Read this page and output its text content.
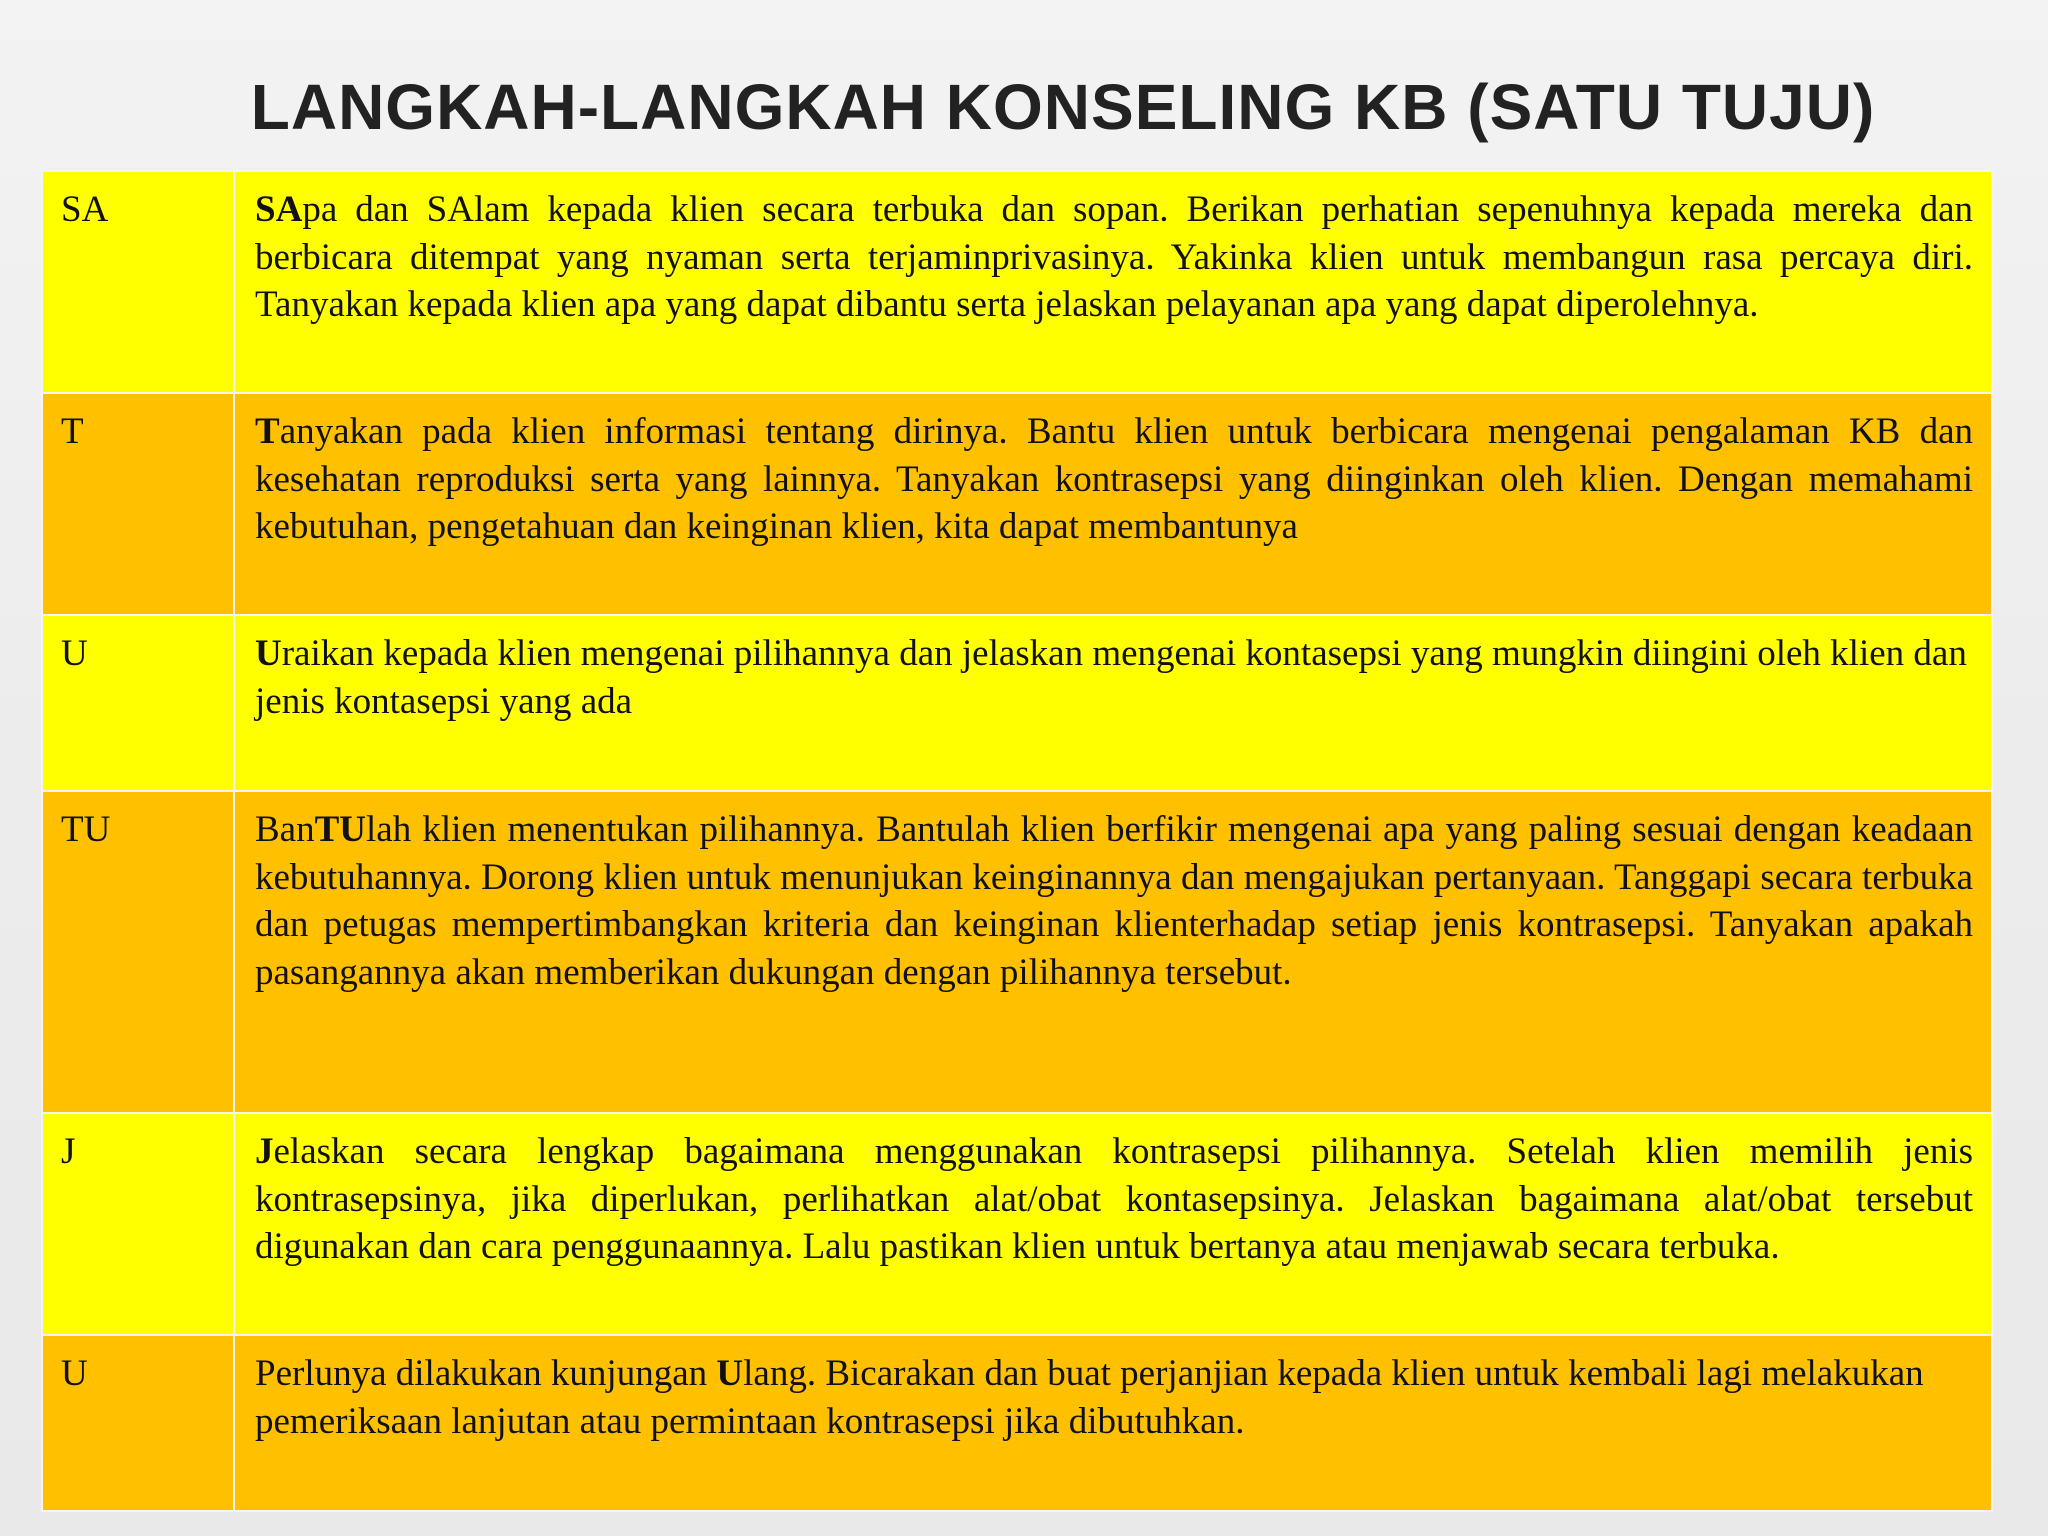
LANGKAH-LANGKAH KONSELING KB (SATU TUJU)
SA	SApa dan SAlam kepada klien secara terbuka dan sopan. Berikan perhatian sepenuhnya kepada mereka dan berbicara ditempat yang nyaman serta terjaminprivasinya. Yakinka klien untuk membangun rasa percaya diri. Tanyakan kepada klien apa yang dapat dibantu serta jelaskan pelayanan apa yang dapat diperolehnya.
T	Tanyakan pada klien informasi tentang dirinya. Bantu klien untuk berbicara mengenai pengalaman KB dan kesehatan reproduksi serta yang lainnya. Tanyakan kontrasepsi yang diinginkan oleh klien. Dengan memahami kebutuhan, pengetahuan dan keinginan klien, kita dapat membantunya
U	Uraikan kepada klien mengenai pilihannya dan jelaskan mengenai kontasepsi yang mungkin diingini oleh klien dan jenis kontasepsi yang ada
TU	BanTUlah klien menentukan pilihannya. Bantulah klien berfikir mengenai apa yang paling sesuai dengan keadaan kebutuhannya. Dorong klien untuk menunjukan keinginannya dan mengajukan pertanyaan. Tanggapi secara terbuka dan petugas mempertimbangkan kriteria dan keinginan klienterhadap setiap jenis kontrasepsi. Tanyakan apakah pasangannya akan memberikan dukungan dengan pilihannya tersebut.
J	Jelaskan secara lengkap bagaimana menggunakan kontrasepsi pilihannya. Setelah klien memilih jenis kontrasepsinya, jika diperlukan, perlihatkan alat/obat kontasepsinya. Jelaskan bagaimana alat/obat tersebut digunakan dan cara penggunaannya. Lalu pastikan klien untuk bertanya atau menjawab secara terbuka.
U	Perlunya dilakukan kunjungan Ulang. Bicarakan dan buat perjanjian kepada klien untuk kembali lagi melakukan pemeriksaan lanjutan atau permintaan kontrasepsi jika dibutuhkan.
